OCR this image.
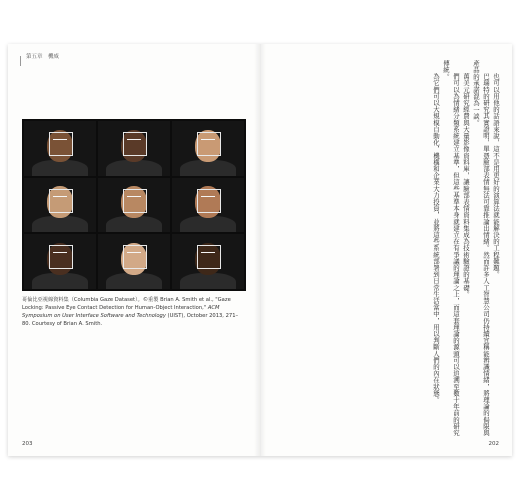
第五章　機威
哥倫比亞視線資料集（Columbia Gaze Dataset）。©重製 Brian A. Smith et al., "Gaze Locking: Passive Eye Contact Detection for Human-Object Interaction," ACM Symposium on User Interface Software and Technology (UIST), October 2013, 271–80. Courtesy of Brian A. Smith.
203

也可以用他的話語來說，這不是用更好的演算法就能解決的工程難題。

巴瑞特的研究其實證明，單憑臉部表情無法可靠推論出情緒。然而許多人工智慧公司仍持續宣稱能辨識情緒，將理論的侷限與產品的承諾混為一談。

萬美元研究經費與大量影像資料庫，讓臉部表情資料集成為技術驗證的基礎。

們可以為情緒分類系統建立基準，但這些基準本身就建立在有爭議的理論之上，而這套理論的源頭可以追溯至數十年前的研究傳統。

為它們可以大規模自動化，機構和企業大力投資，並將這些系統部署到日常生活當中，用以判斷人們的內在狀態。

202
